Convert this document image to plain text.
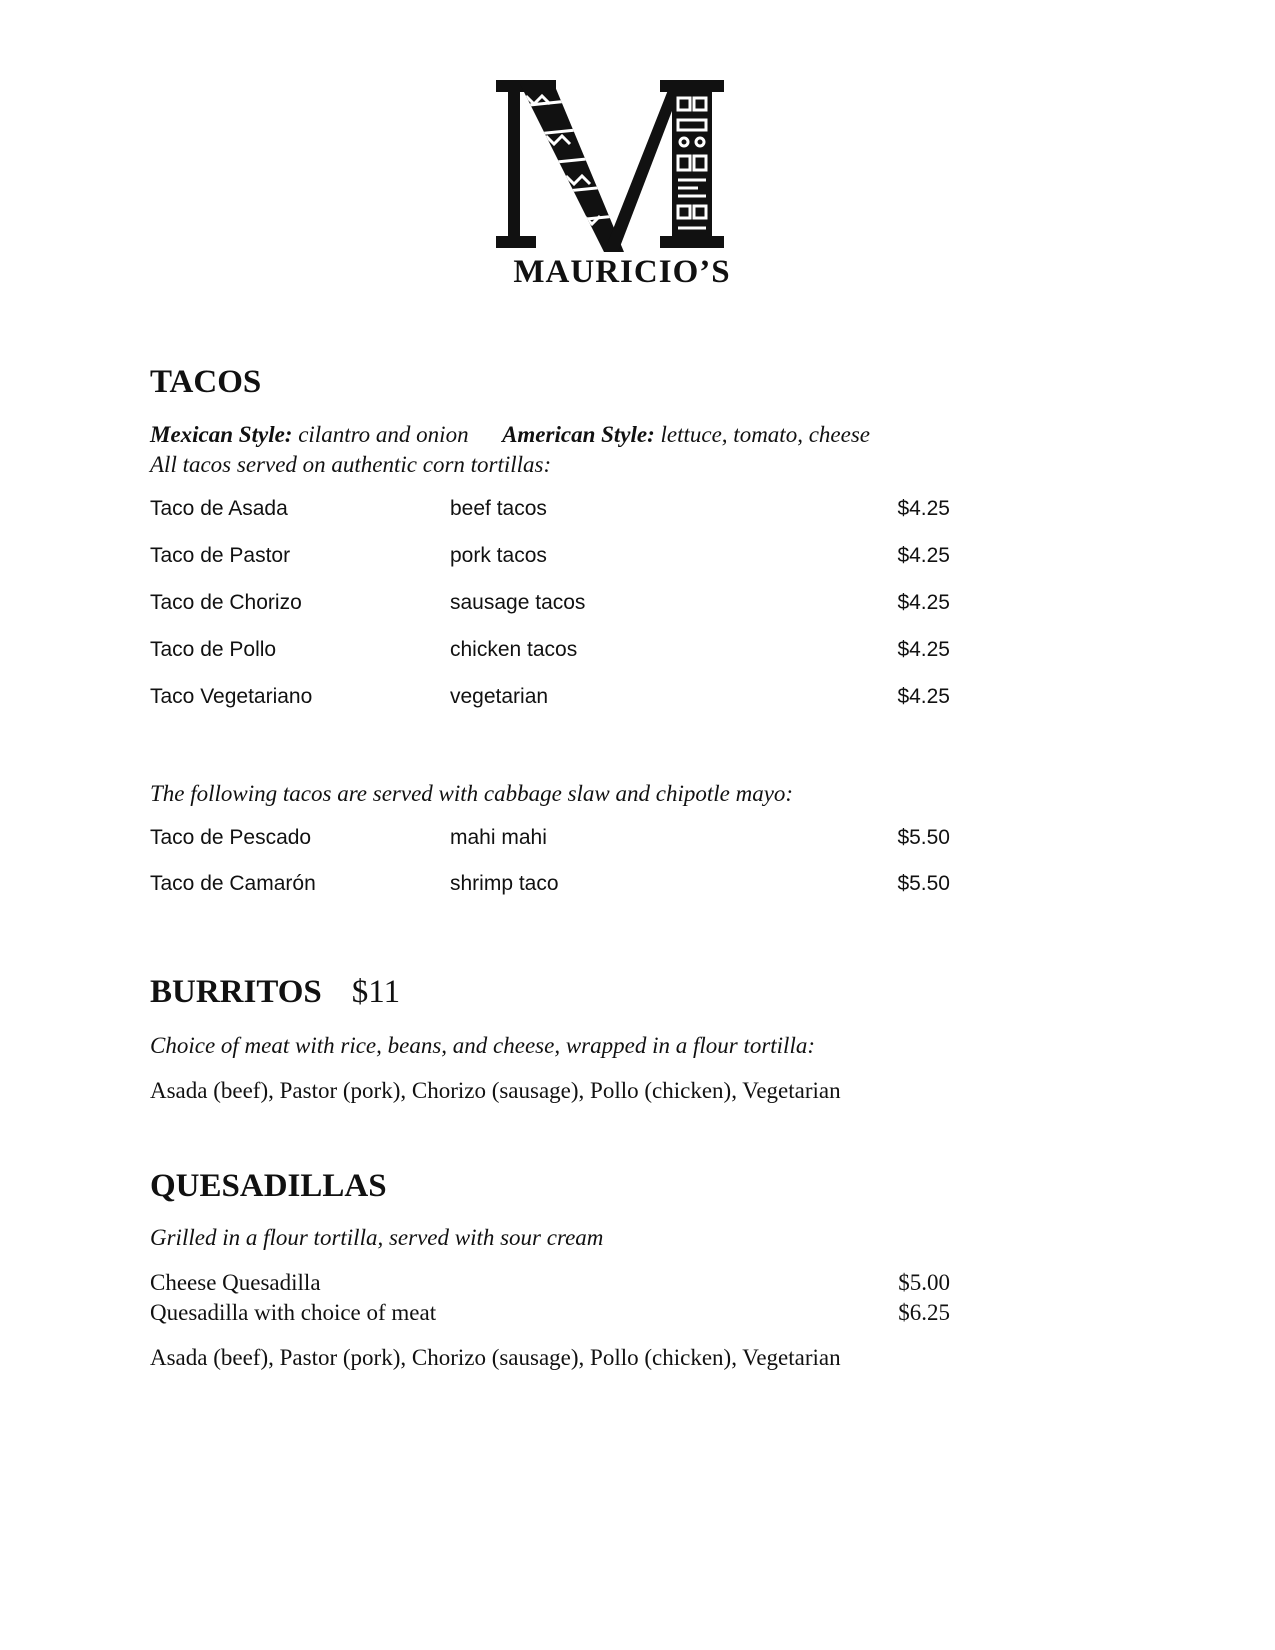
MAURICIO’S
TACOS
Mexican Style: cilantro and onion American Style: lettuce, tomato, cheese
All tacos served on authentic corn tortillas:
Taco de Asada	beef tacos	$4.25
Taco de Pastor	pork tacos	$4.25
Taco de Chorizo	sausage tacos	$4.25
Taco de Pollo	chicken tacos	$4.25
Taco Vegetariano	vegetarian	$4.25
The following tacos are served with cabbage slaw and chipotle mayo:
Taco de Pescado	mahi mahi	$5.50
Taco de Camarón	shrimp taco	$5.50
BURRITOS $11
Choice of meat with rice, beans, and cheese, wrapped in a flour tortilla:
Asada (beef), Pastor (pork), Chorizo (sausage), Pollo (chicken), Vegetarian
QUESADILLAS
Grilled in a flour tortilla, served with sour cream
Cheese Quesadilla	$5.00
Quesadilla with choice of meat	$6.25
Asada (beef), Pastor (pork), Chorizo (sausage), Pollo (chicken), Vegetarian
